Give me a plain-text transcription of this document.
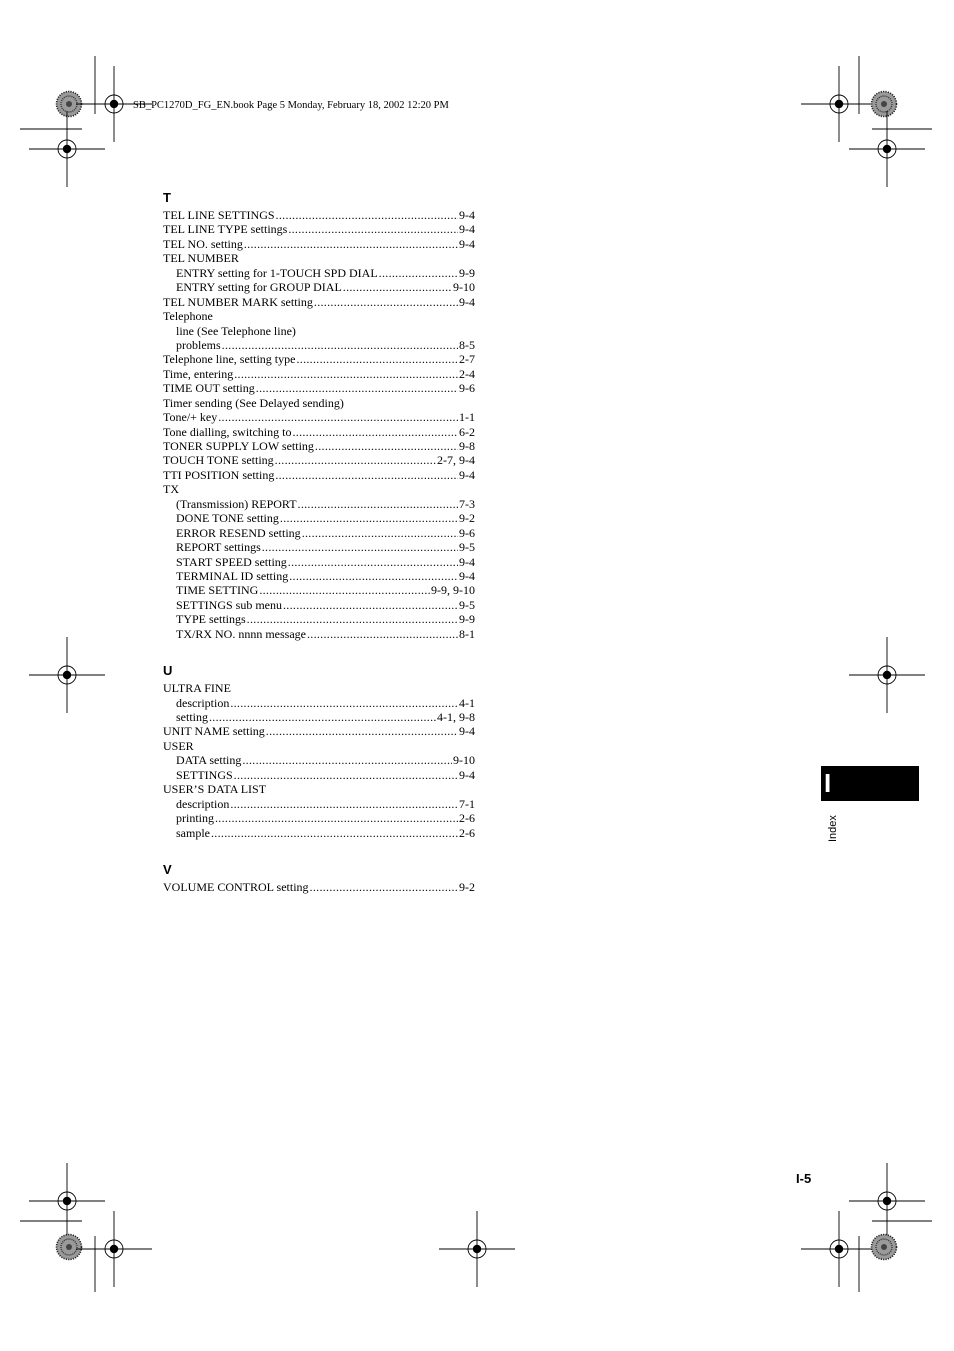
SB_PC1270D_FG_EN.book Page 5 Monday, February 18, 2002 12:20 PM
T
TEL LINE SETTINGS .....	9-4
TEL LINE TYPE settings .....	9-4
TEL NO. setting .....	9-4
TEL NUMBER
ENTRY setting for 1-TOUCH SPD DIAL .....	9-9
ENTRY setting for GROUP DIAL .....	9-10
TEL NUMBER MARK setting .....	9-4
Telephone
line (See Telephone line)
problems .....	8-5
Telephone line, setting type .....	2-7
Time, entering .....	2-4
TIME OUT setting .....	9-6
Timer sending (See Delayed sending)
Tone/+ key .....	1-1
Tone dialling, switching to .....	6-2
TONER SUPPLY LOW setting .....	9-8
TOUCH TONE setting .....	2-7, 9-4
TTI POSITION setting .....	9-4
TX
(Transmission) REPORT .....	7-3
DONE TONE setting .....	9-2
ERROR RESEND setting .....	9-6
REPORT settings .....	9-5
START SPEED setting .....	9-4
TERMINAL ID setting .....	9-4
TIME SETTING .....	9-9, 9-10
SETTINGS sub menu .....	9-5
TYPE settings .....	9-9
TX/RX NO. nnnn message .....	8-1
U
ULTRA FINE
description .....	4-1
setting .....	4-1, 9-8
UNIT NAME setting .....	9-4
USER
DATA setting .....	9-10
SETTINGS .....	9-4
USER’S DATA LIST
description .....	7-1
printing .....	2-6
sample .....	2-6
V
VOLUME CONTROL setting .....	9-2
I
Index
I-5
